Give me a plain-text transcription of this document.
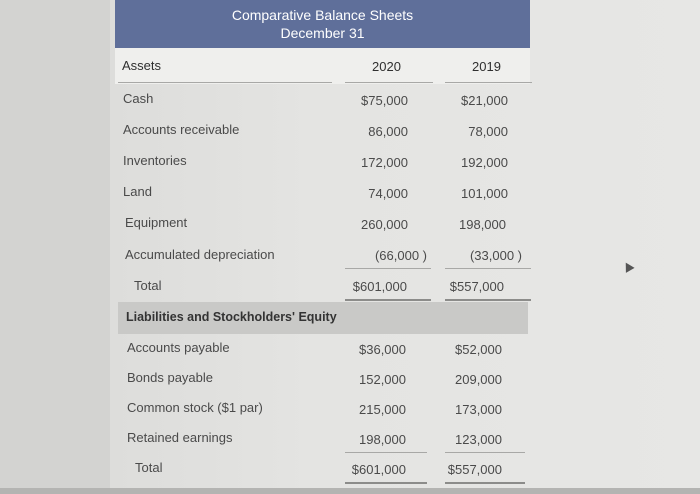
Comparative Balance Sheets
December 31
Assets	2020	2019
Cash	$75,000	$21,000
Accounts receivable	86,000	78,000
Inventories	172,000	192,000
Land	74,000	101,000
Equipment	260,000	198,000
Accumulated depreciation	(66,000 )	(33,000 )
Total	$601,000	$557,000
Liabilities and Stockholders' Equity
Accounts payable	$36,000	$52,000
Bonds payable	152,000	209,000
Common stock ($1 par)	215,000	173,000
Retained earnings	198,000	123,000
Total	$601,000	$557,000
